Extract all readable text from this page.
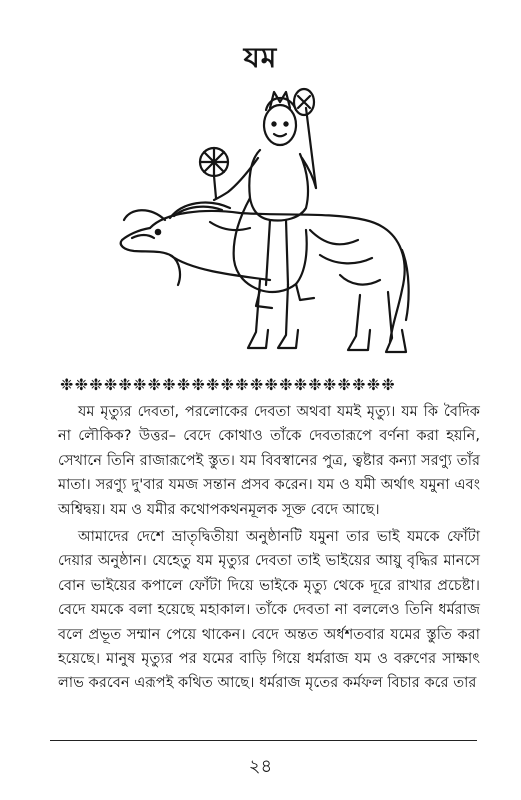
যম
❉❉❉❉❉❉❉❉❉❉❉❉❉❉❉❉❉❉❉❉❉❉❉

যম মৃত্যুর দেবতা, পরলোকের দেবতা অথবা যমই মৃত্যু। যম কি বৈদিক না লৌকিক? উত্তর– বেদে কোথাও তাঁকে দেবতারূপে বর্ণনা করা হয়নি, সেখানে তিনি রাজারূপেই স্তুত। যম বিবস্বানের পুত্র, ত্বষ্টার কন্যা সরণ্যু তাঁর মাতা। সরণ্যু দু'বার যমজ সন্তান প্রসব করেন। যম ও যমী অর্থাৎ যমুনা এবং অশ্বিদ্বয়। যম ও যমীর কথোপকথনমূলক সূক্ত বেদে আছে।

আমাদের দেশে ভ্রাতৃদ্বিতীয়া অনুষ্ঠানটি যমুনা তার ভাই যমকে ফোঁটা দেয়ার অনুষ্ঠান। যেহেতু যম মৃত্যুর দেবতা তাই ভাইয়ের আয়ু বৃদ্ধির মানসে বোন ভাইয়ের কপালে ফোঁটা দিয়ে ভাইকে মৃত্যু থেকে দূরে রাখার প্রচেষ্টা। বেদে যমকে বলা হয়েছে মহাকাল। তাঁকে দেবতা না বললেও তিনি ধর্মরাজ বলে প্রভূত সম্মান পেয়ে থাকেন। বেদে অন্তত অর্ধশতবার যমের স্তুতি করা হয়েছে। মানুষ মৃত্যুর পর যমের বাড়ি গিয়ে ধর্মরাজ যম ও বরুণের সাক্ষাৎ লাভ করবেন এরূপই কথিত আছে। ধর্মরাজ মৃতের কর্মফল বিচার করে তার

২৪
